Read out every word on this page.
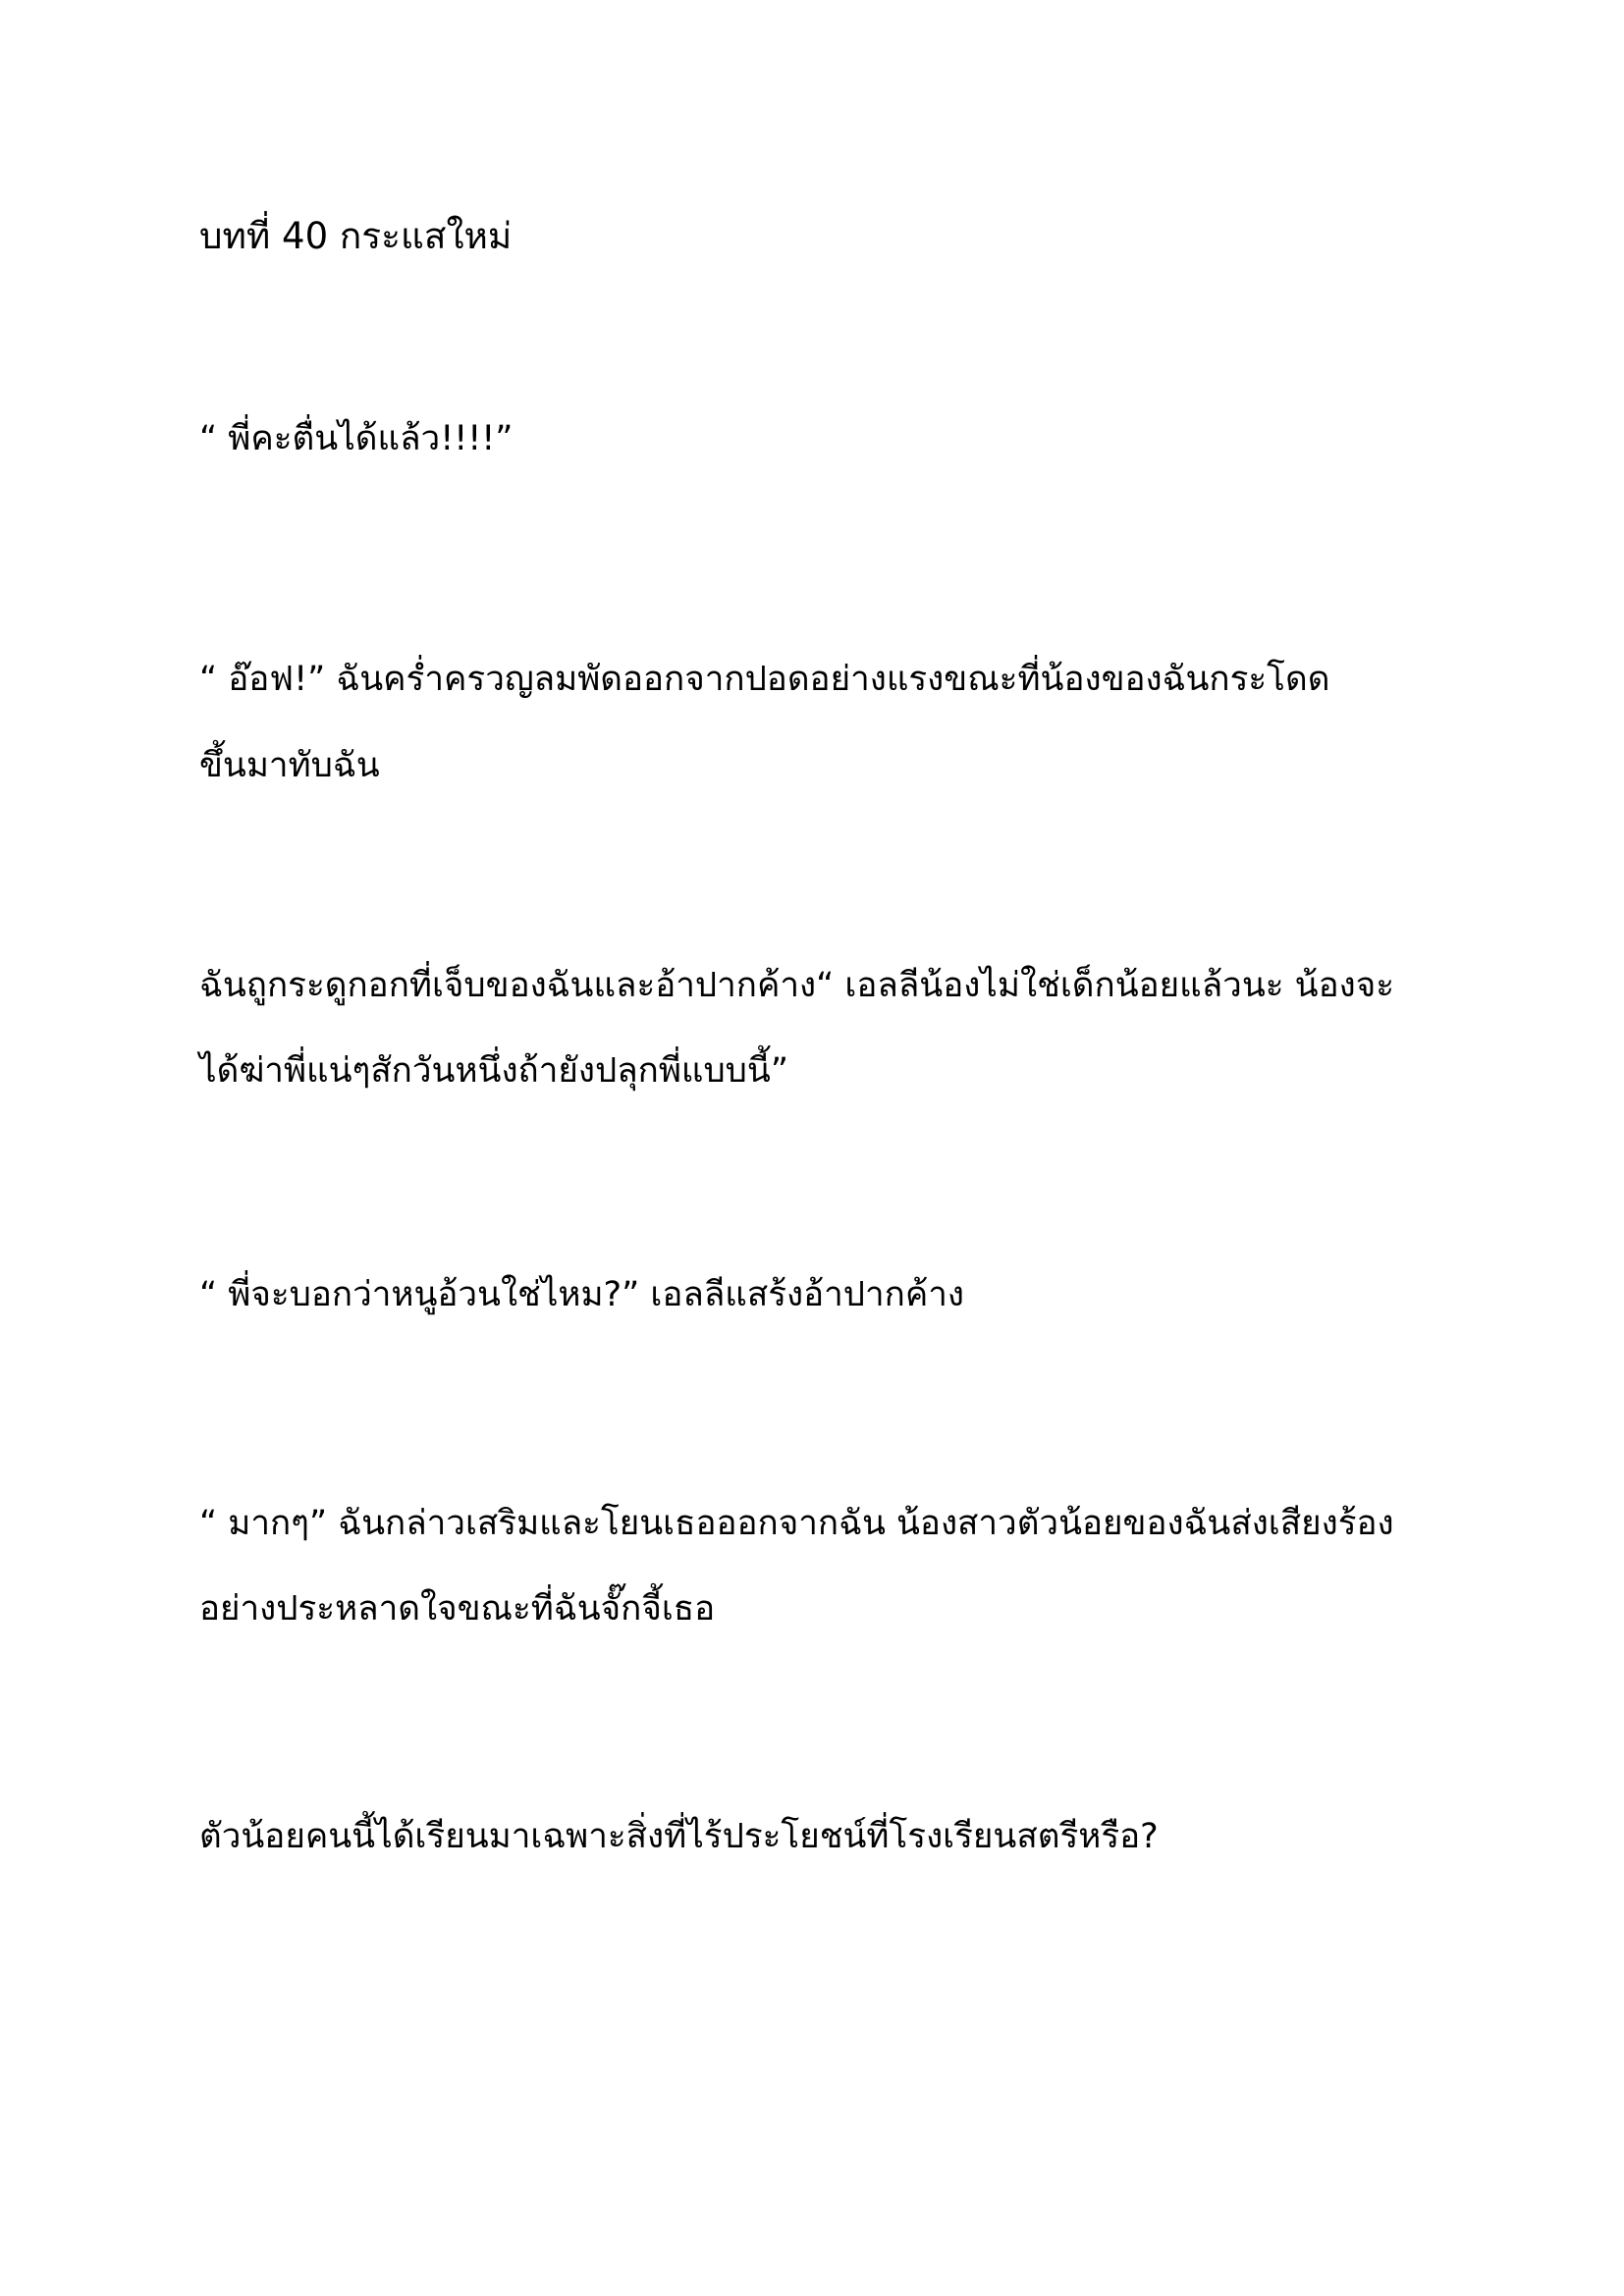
บทที่ 40 กระแสใหม่

“ พี่คะตื่นได้แล้ว!!!!”

“ อ๊อฟ!” ฉันคร่ำครวญลมพัดออกจากปอดอย่างแรงขณะที่น้องของฉันกระโดด

ขึ้นมาทับฉัน

ฉันถูกระดูกอกที่เจ็บของฉันและอ้าปากค้าง“ เอลลีน้องไม่ใช่เด็กน้อยแล้วนะ น้องจะ

ได้ฆ่าพี่แน่ๆสักวันหนึ่งถ้ายังปลุกพี่แบบนี้”

“ พี่จะบอกว่าหนูอ้วนใช่ไหม?” เอลลีแสร้งอ้าปากค้าง

“ มากๆ” ฉันกล่าวเสริมและโยนเธอออกจากฉัน น้องสาวตัวน้อยของฉันส่งเสียงร้อง

อย่างประหลาดใจขณะที่ฉันจั๊กจี้เธอ

ตัวน้อยคนนี้ได้เรียนมาเฉพาะสิ่งที่ไร้ประโยชน์ที่โรงเรียนสตรีหรือ?
